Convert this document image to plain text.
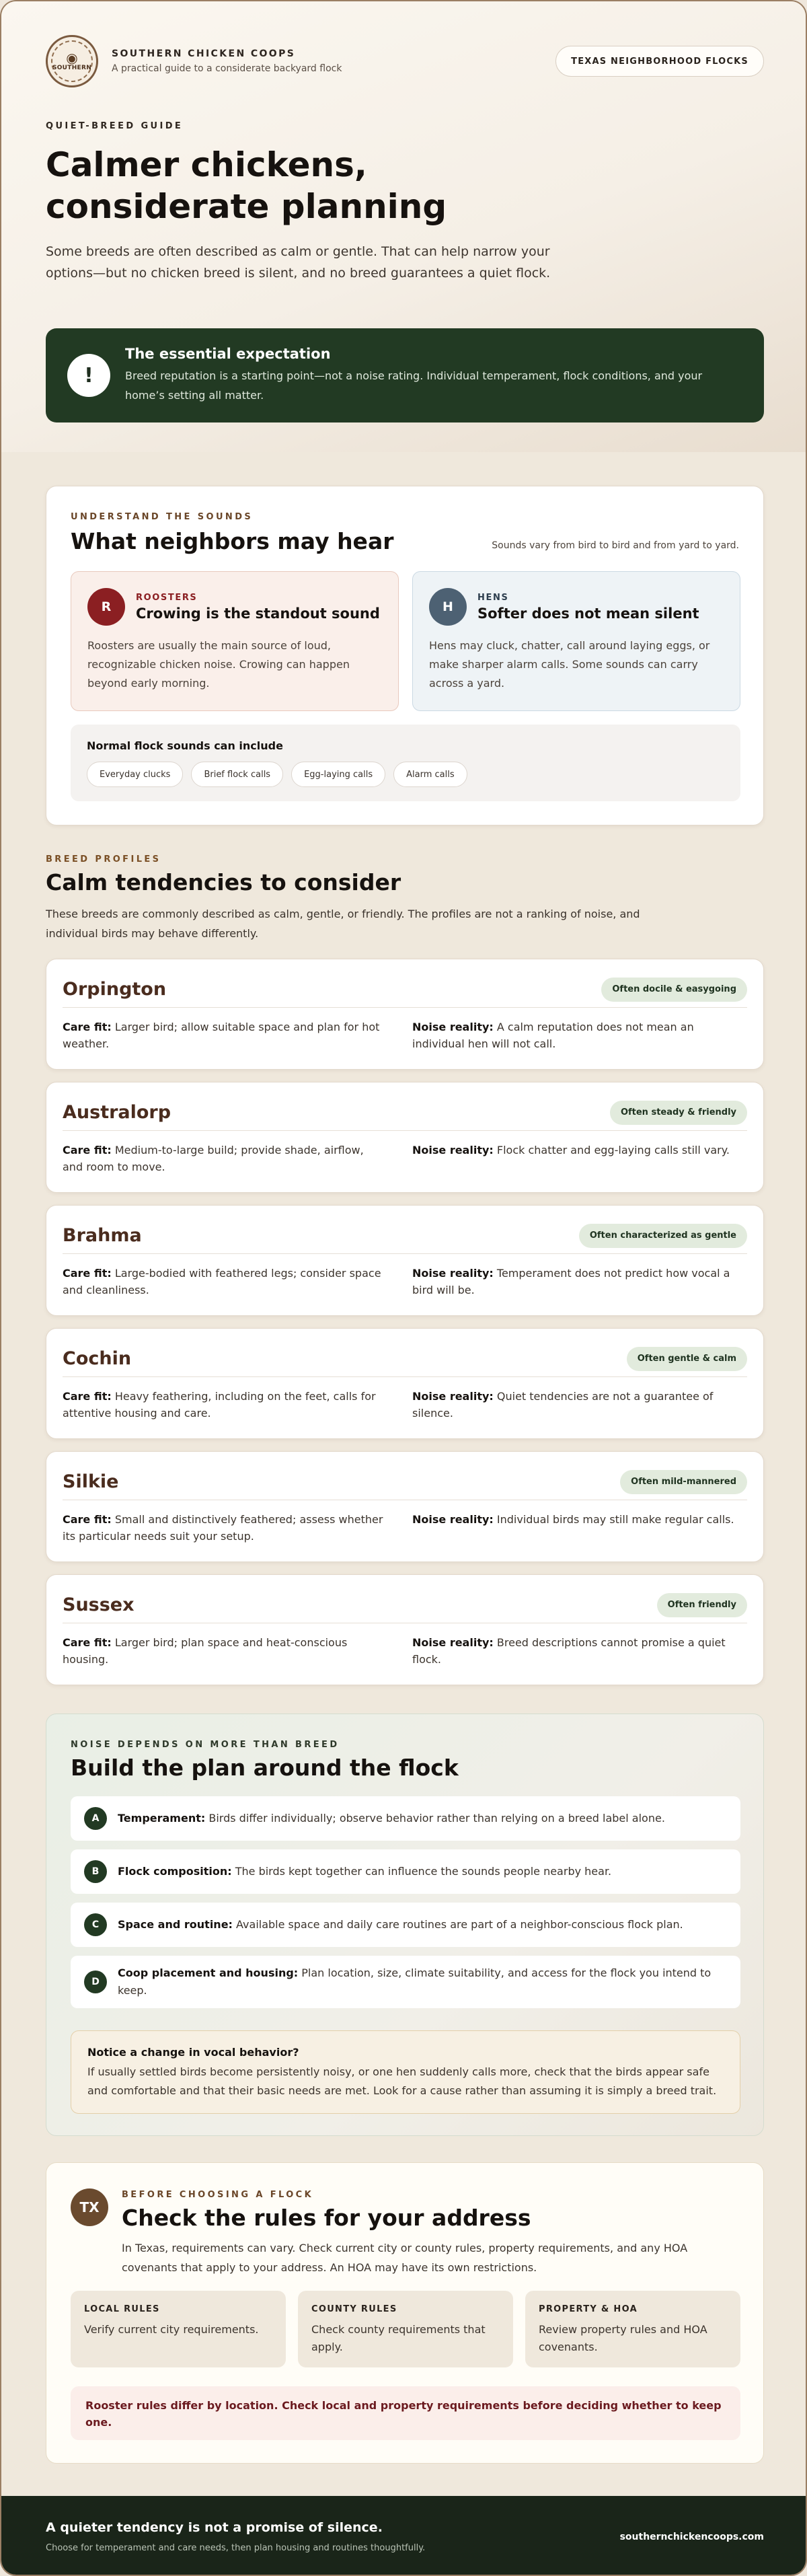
◉
SOUTHERN
SOUTHERN CHICKEN COOPS
A practical guide to a considerate backyard flock
TEXAS NEIGHBORHOOD FLOCKS
QUIET-BREED GUIDE
Calmer chickens, considerate planning

Some breeds are often described as calm or gentle. That can help narrow your options—but no chicken breed is silent, and no breed guarantees a quiet flock.

!
The essential expectation
Breed reputation is a starting point—not a noise rating. Individual temperament, flock conditions, and your home’s setting all matter.
UNDERSTAND THE SOUNDS
What neighbors may hear	Sounds vary from bird to bird and from yard to yard.
R
ROOSTERS
Crowing is the standout sound
Roosters are usually the main source of loud, recognizable chicken noise. Crowing can happen beyond early morning.
H
HENS
Softer does not mean silent
Hens may cluck, chatter, call around laying eggs, or make sharper alarm calls. Some sounds can carry across a yard.
Normal flock sounds can include
Everyday clucks	Brief flock calls	Egg-laying calls	Alarm calls
BREED PROFILES
Calm tendencies to consider

These breeds are commonly described as calm, gentle, or friendly. The profiles are not a ranking of noise, and individual birds may behave differently.

Orpington	Often docile & easygoing
Care fit: Larger bird; allow suitable space and plan for hot weather.
Noise reality: A calm reputation does not mean an individual hen will not call.
Australorp	Often steady & friendly
Care fit: Medium-to-large build; provide shade, airflow, and room to move.
Noise reality: Flock chatter and egg-laying calls still vary.
Brahma	Often characterized as gentle
Care fit: Large-bodied with feathered legs; consider space and cleanliness.
Noise reality: Temperament does not predict how vocal a bird will be.
Cochin	Often gentle & calm
Care fit: Heavy feathering, including on the feet, calls for attentive housing and care.
Noise reality: Quiet tendencies are not a guarantee of silence.
Silkie	Often mild-mannered
Care fit: Small and distinctively feathered; assess whether its particular needs suit your setup.
Noise reality: Individual birds may still make regular calls.
Sussex	Often friendly
Care fit: Larger bird; plan space and heat-conscious housing.
Noise reality: Breed descriptions cannot promise a quiet flock.
NOISE DEPENDS ON MORE THAN BREED
Build the plan around the flock
A	Temperament: Birds differ individually; observe behavior rather than relying on a breed label alone.
B	Flock composition: The birds kept together can influence the sounds people nearby hear.
C	Space and routine: Available space and daily care routines are part of a neighbor-conscious flock plan.
D
Coop placement and housing: Plan location, size, climate suitability, and access for the flock you intend to keep.
Notice a change in vocal behavior?
If usually settled birds become persistently noisy, or one hen suddenly calls more, check that the birds appear safe and comfortable and that their basic needs are met. Look for a cause rather than assuming it is simply a breed trait.
TX
BEFORE CHOOSING A FLOCK
Check the rules for your address

In Texas, requirements can vary. Check current city or county rules, property requirements, and any HOA covenants that apply to your address. An HOA may have its own restrictions.

LOCAL RULES
Verify current city requirements.
COUNTY RULES
Check county requirements that apply.
PROPERTY & HOA
Review property rules and HOA covenants.
Rooster rules differ by location. Check local and property requirements before deciding whether to keep one.
A quieter tendency is not a promise of silence.
Choose for temperament and care needs, then plan housing and routines thoughtfully.
southernchickencoops.com
